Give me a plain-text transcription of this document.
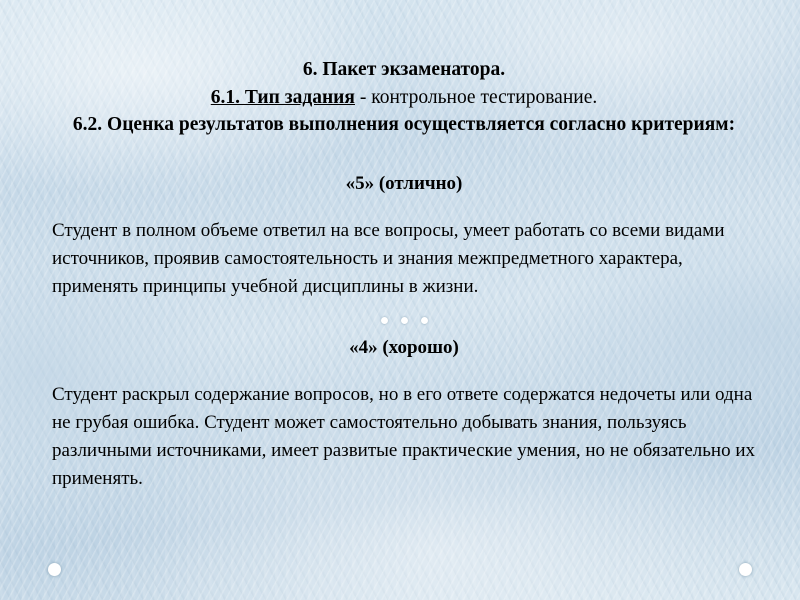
6. Пакет экзаменатора.
6.1. Тип задания - контрольное тестирование.
6.2. Оценка результатов выполнения осуществляется согласно критериям:
«5» (отлично)
Студент в полном объеме ответил на все вопросы, умеет работать со всеми видами источников, проявив самостоятельность и знания межпредметного характера, применять принципы учебной дисциплины в жизни.
«4» (хорошо)
Студент раскрыл содержание вопросов, но в его ответе содержатся недочеты или одна не грубая ошибка. Студент может самостоятельно добывать знания, пользуясь различными источниками, имеет развитые практические умения, но не обязательно их применять.
